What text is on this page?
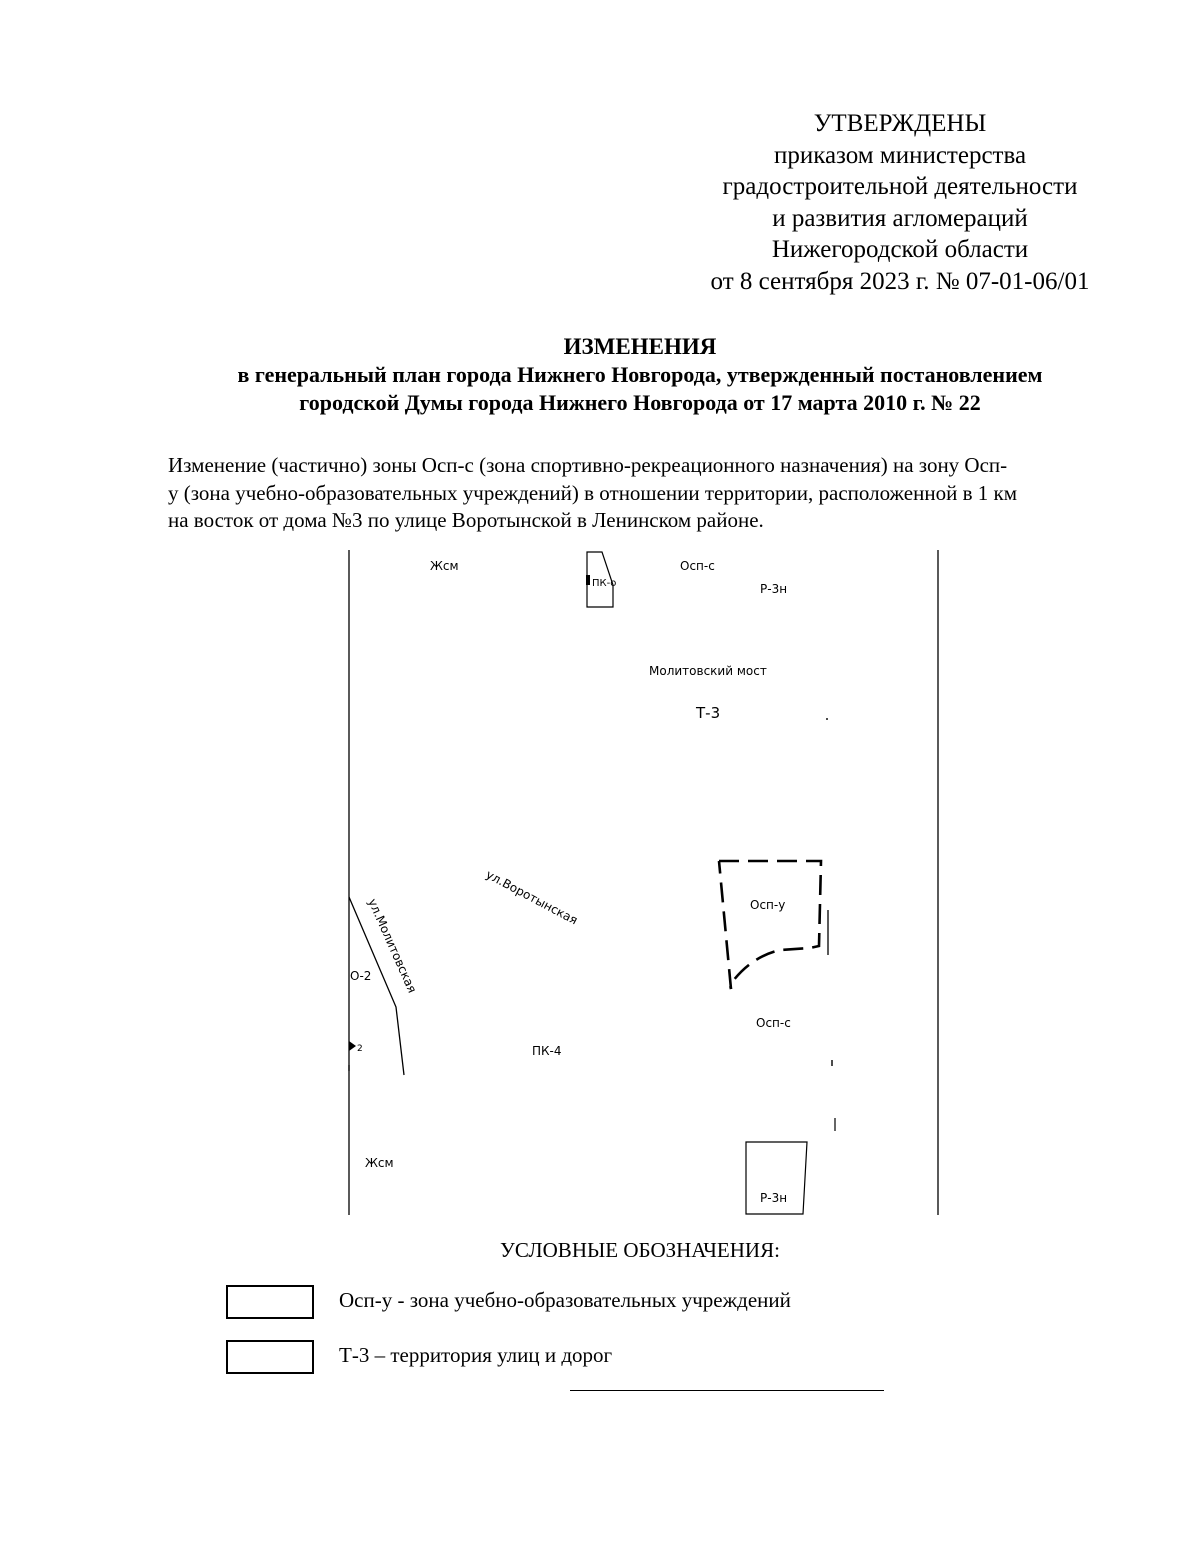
УТВЕРЖДЕНЫ
приказом министерства
градостроительной деятельности
и развития агломераций
Нижегородской области
от 8 сентября 2023 г. № 07-01-06/01
ИЗМЕНЕНИЯ
в генеральный план города Нижнего Новгорода, утвержденный постановлением
городской Думы города Нижнего Новгорода от 17 марта 2010 г. № 22
Изменение (частично) зоны Осп-с (зона спортивно-рекреационного назначения) на зону Осп-
у (зона учебно-образовательных учреждений) в отношении территории, расположенной в 1 км
на восток от дома №3 по улице Воротынской в Ленинском районе.
Жсм
ПК-о
Осп-с
Р-3н
Молитовский мост
Т-3
ул.Воротынская
ул.Молитовская	Осп-у
О-2
2
Осп-с
ПК-4
Жсм
Р-3н
УСЛОВНЫЕ ОБОЗНАЧЕНИЯ:
Осп-у - зона учебно-образовательных учреждений
Т-3 – территория улиц и дорог
